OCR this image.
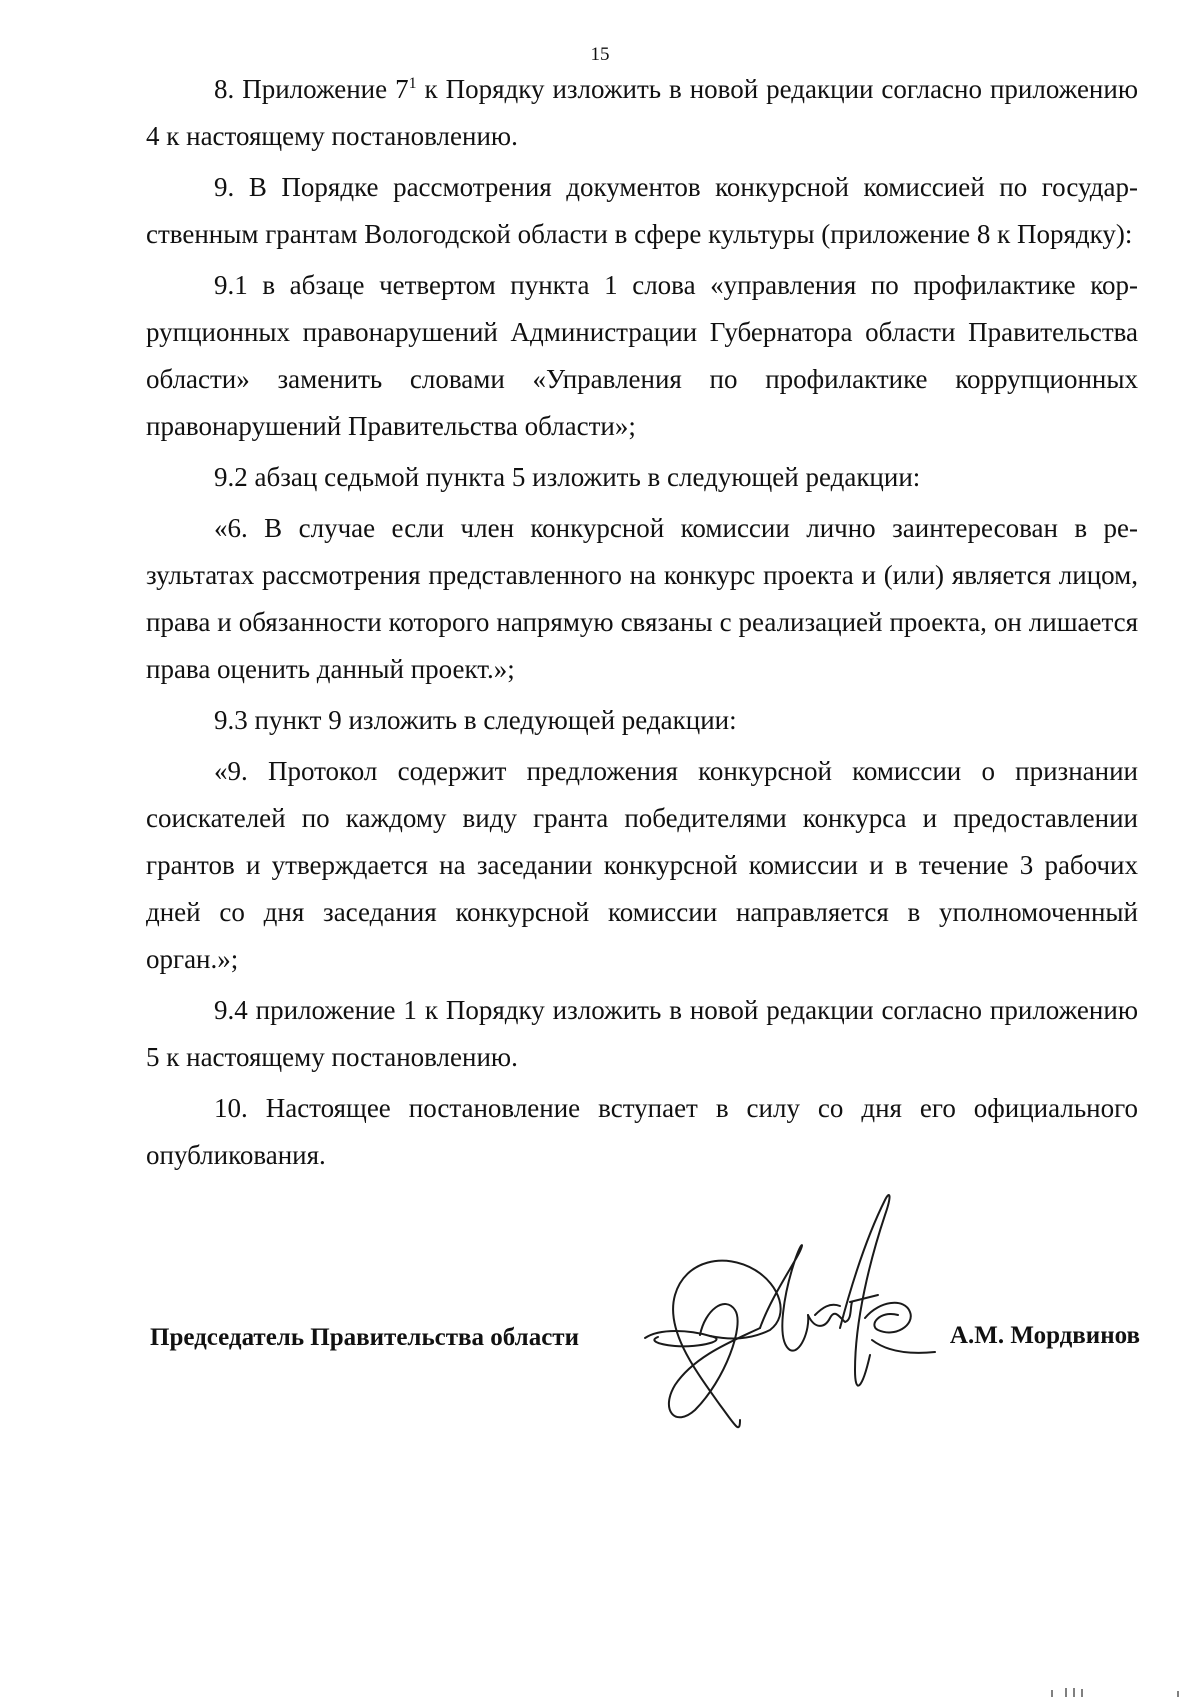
15

8. Приложение $7^1$ к Порядку изложить в новой редакции согласно приложению 4 к настоящему постановлению.

9. В Порядке рассмотрения документов конкурсной комиссией по государственным грантам Вологодской области в сфере культуры (приложение 8 к Порядку):

9.1 в абзаце четвертом пункта 1 слова «управления по профилактике коррупционных правонарушений Администрации Губернатора области Правительства области» заменить словами «Управления по профилактике коррупционных правонарушений Правительства области»;

9.2 абзац седьмой пункта 5 изложить в следующей редакции:

«6. В случае если член конкурсной комиссии лично заинтересован в результатах рассмотрения представленного на конкурс проекта и (или) является лицом, права и обязанности которого напрямую связаны с реализацией проекта, он лишается права оценить данный проект.»;

9.3 пункт 9 изложить в следующей редакции:

«9. Протокол содержит предложения конкурсной комиссии о признании соискателей по каждому виду гранта победителями конкурса и предоставлении грантов и утверждается на заседании конкурсной комиссии и в течение 3 рабочих дней со дня заседания конкурсной комиссии направляется в уполномоченный орган.»;

9.4 приложение 1 к Порядку изложить в новой редакции согласно приложению 5 к настоящему постановлению.

10. Настоящее постановление вступает в силу со дня его официального опубликования.

Председатель Правительства области	А.М. Мордвинов
